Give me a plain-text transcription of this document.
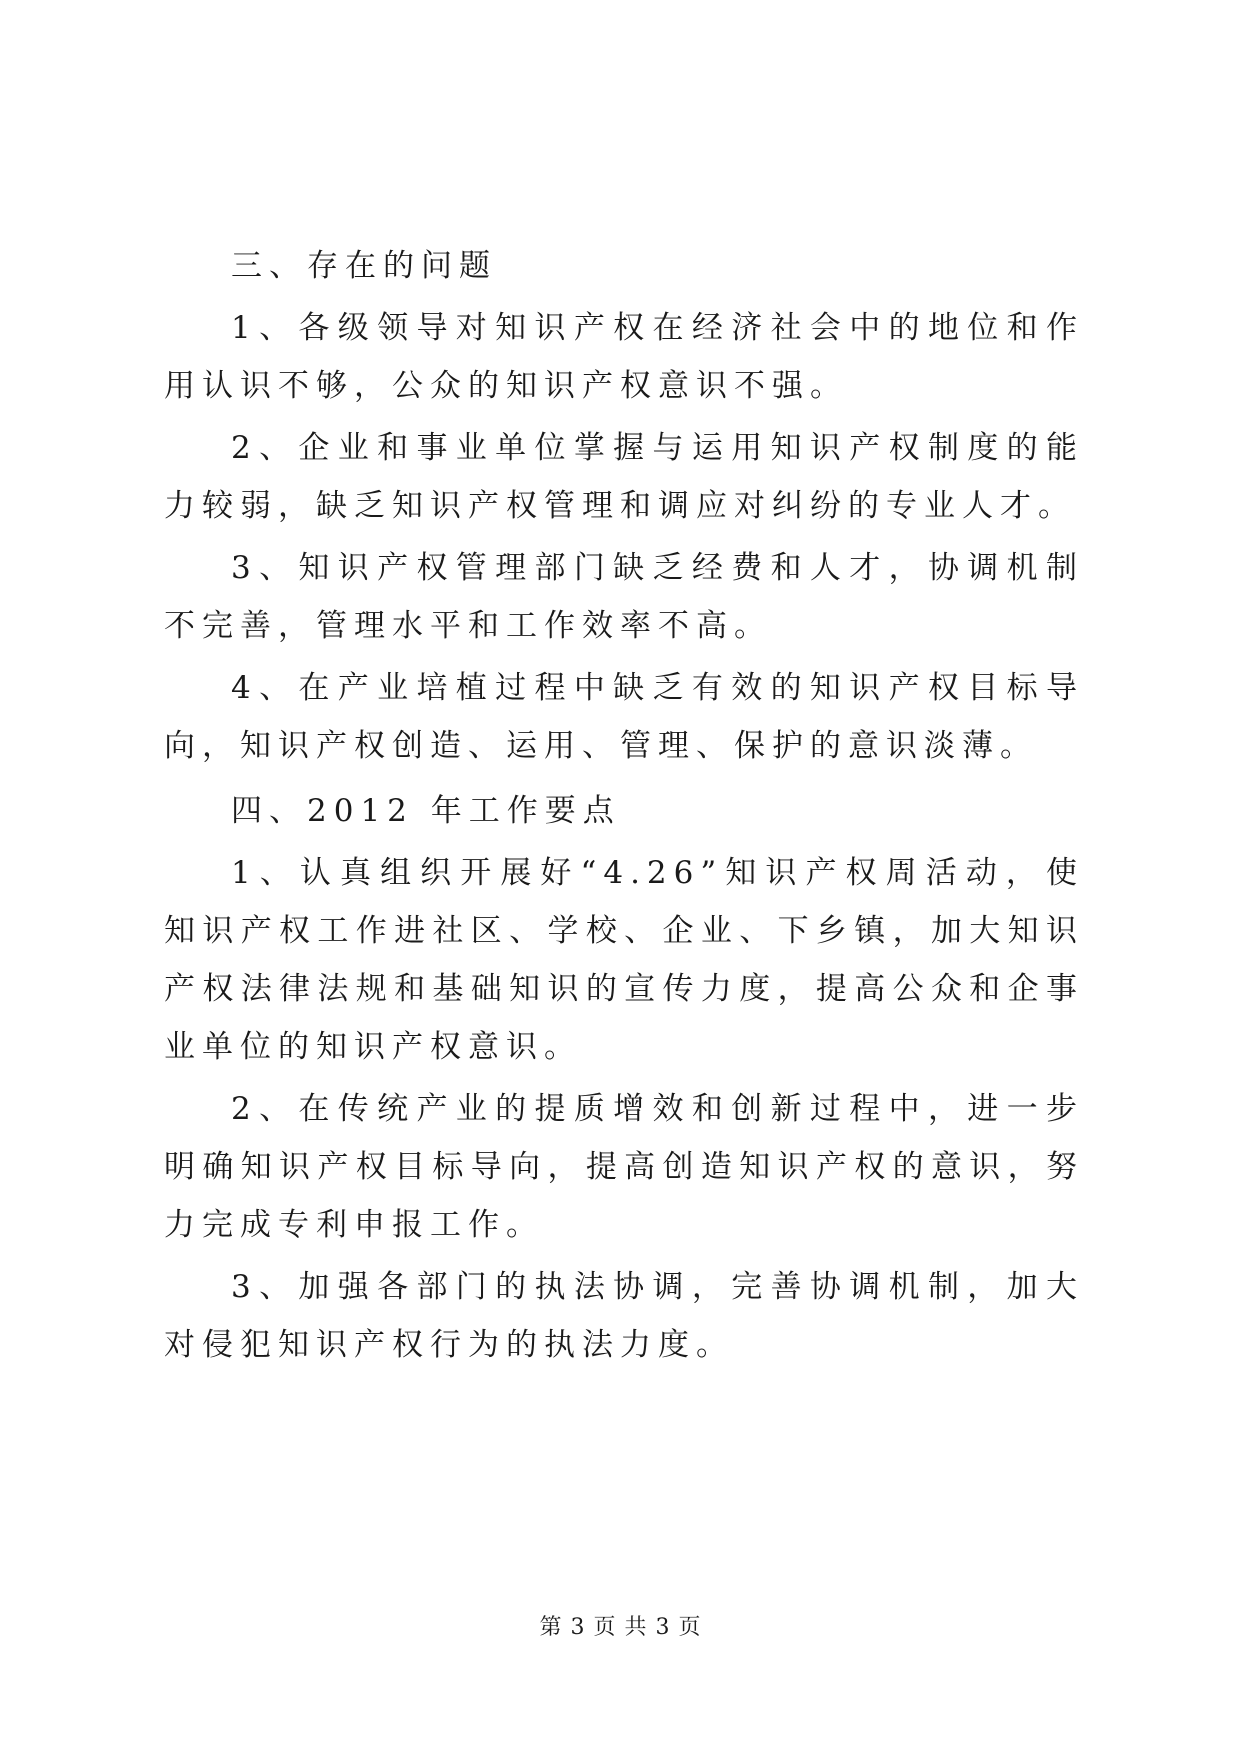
三、存在的问题

1、各级领导对知识产权在经济社会中的地位和作用认识不够，公众的知识产权意识不强。

2、企业和事业单位掌握与运用知识产权制度的能力较弱，缺乏知识产权管理和调应对纠纷的专业人才。

3、知识产权管理部门缺乏经费和人才，协调机制不完善，管理水平和工作效率不高。

4、在产业培植过程中缺乏有效的知识产权目标导向，知识产权创造、运用、管理、保护的意识淡薄。

四、2012 年工作要点

1、认真组织开展好“4.26”知识产权周活动，使知识产权工作进社区、学校、企业、下乡镇，加大知识产权法律法规和基础知识的宣传力度，提高公众和企事业单位的知识产权意识。

2、在传统产业的提质增效和创新过程中，进一步明确知识产权目标导向，提高创造知识产权的意识，努力完成专利申报工作。

3、加强各部门的执法协调，完善协调机制，加大对侵犯知识产权行为的执法力度。

第 3 页 共 3 页
